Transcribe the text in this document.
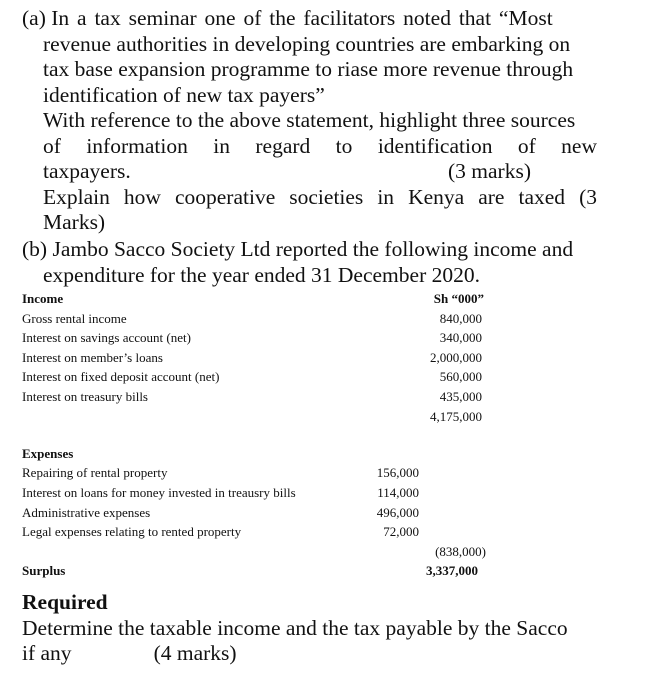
(a) In a tax seminar one of the facilitators noted that “Most
revenue authorities in developing countries are embarking on
tax base expansion programme to riase more revenue through
identification of new tax payers”
With reference to the above statement, highlight three sources
of information in regard to identification of new
taxpayers.	(3 marks)
Explain how cooperative societies in Kenya are taxed (3
Marks)
(b) Jambo Sacco Society Ltd reported the following income and
expenditure for the year ended 31 December 2020.
Income	Sh “000”
Gross rental income	840,000
Interest on savings account (net)	340,000
Interest on member’s loans	2,000,000
Interest on fixed deposit account (net)	560,000
Interest on treasury bills	435,000
4,175,000
Expenses
Repairing of rental property	156,000
Interest on loans for money invested in treausry bills	114,000
Administrative expenses	496,000
Legal expenses relating to rented property	72,000
(838,000)
Surplus	3,337,000
Required
Determine the taxable income and the tax payable by the Sacco
if any	(4 marks)
